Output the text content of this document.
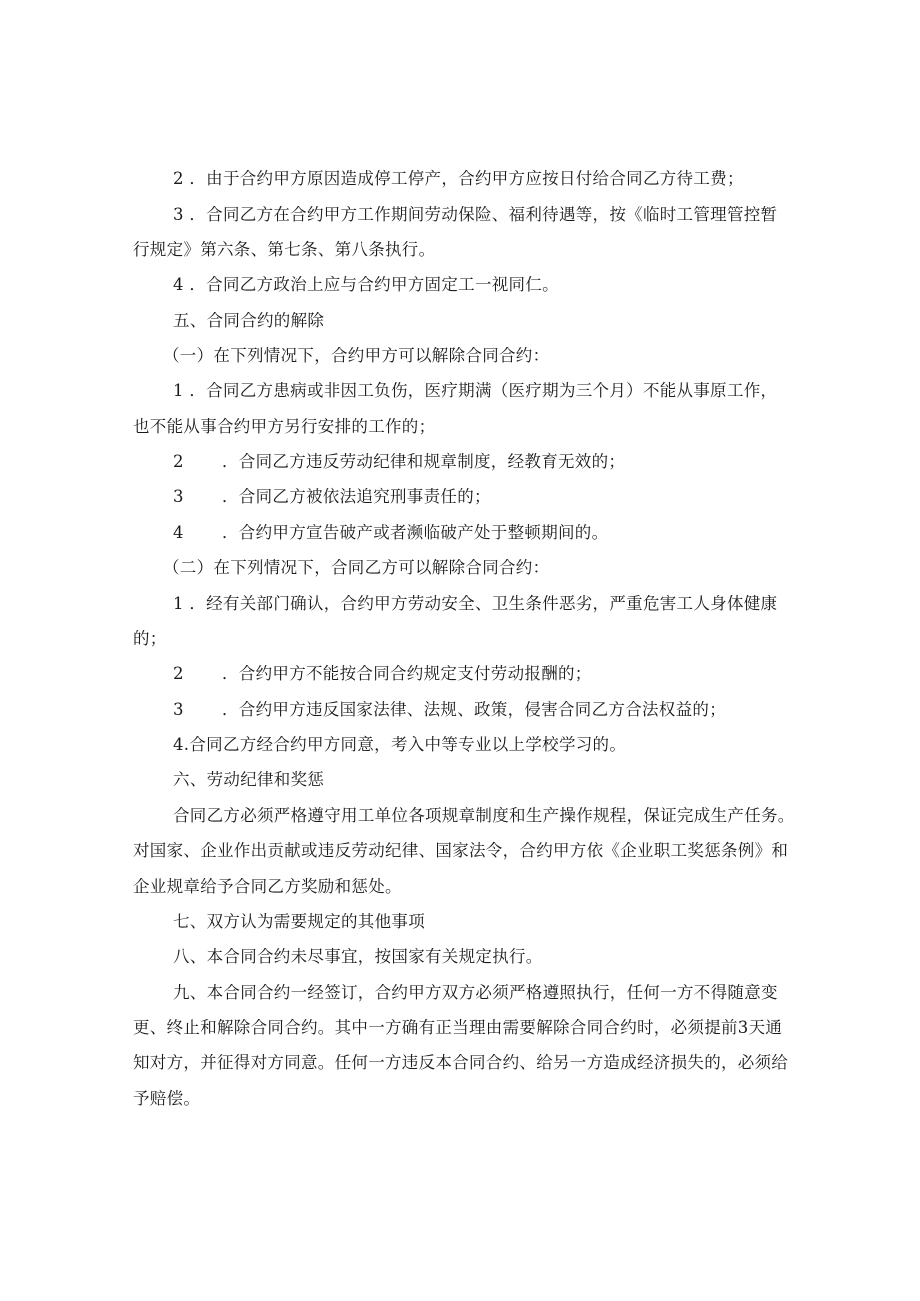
2 ．由于合约甲方原因造成停工停产，合约甲方应按日付给合同乙方待工费；
3 ．合同乙方在合约甲方工作期间劳动保险、福利待遇等，按《临时工管理管控暂
行规定》第六条、第七条、第八条执行。
4 ．合同乙方政治上应与合约甲方固定工一视同仁。
五、合同合约的解除
（一）在下列情况下，合约甲方可以解除合同合约：
1 ．合同乙方患病或非因工负伤，医疗期满（医疗期为三个月）不能从事原工作，
也不能从事合约甲方另行安排的工作的；
2 ．合同乙方违反劳动纪律和规章制度，经教育无效的；
3 ．合同乙方被依法追究刑事责任的；
4 ．合约甲方宣告破产或者濒临破产处于整顿期间的。
（二）在下列情况下，合同乙方可以解除合同合约：
1 ．经有关部门确认，合约甲方劳动安全、卫生条件恶劣，严重危害工人身体健康
的；
2 ．合约甲方不能按合同合约规定支付劳动报酬的；
3 ．合约甲方违反国家法律、法规、政策，侵害合同乙方合法权益的；
4.合同乙方经合约甲方同意，考入中等专业以上学校学习的。
六、劳动纪律和奖惩
合同乙方必须严格遵守用工单位各项规章制度和生产操作规程，保证完成生产任务。
对国家、企业作出贡献或违反劳动纪律、国家法令，合约甲方依《企业职工奖惩条例》和
企业规章给予合同乙方奖励和惩处。
七、双方认为需要规定的其他事项
八、本合同合约未尽事宜，按国家有关规定执行。
九、本合同合约一经签订，合约甲方双方必须严格遵照执行，任何一方不得随意变
更、终止和解除合同合约。其中一方确有正当理由需要解除合同合约时，必须提前3天通
知对方，并征得对方同意。任何一方违反本合同合约、给另一方造成经济损失的，必须给
予赔偿。
